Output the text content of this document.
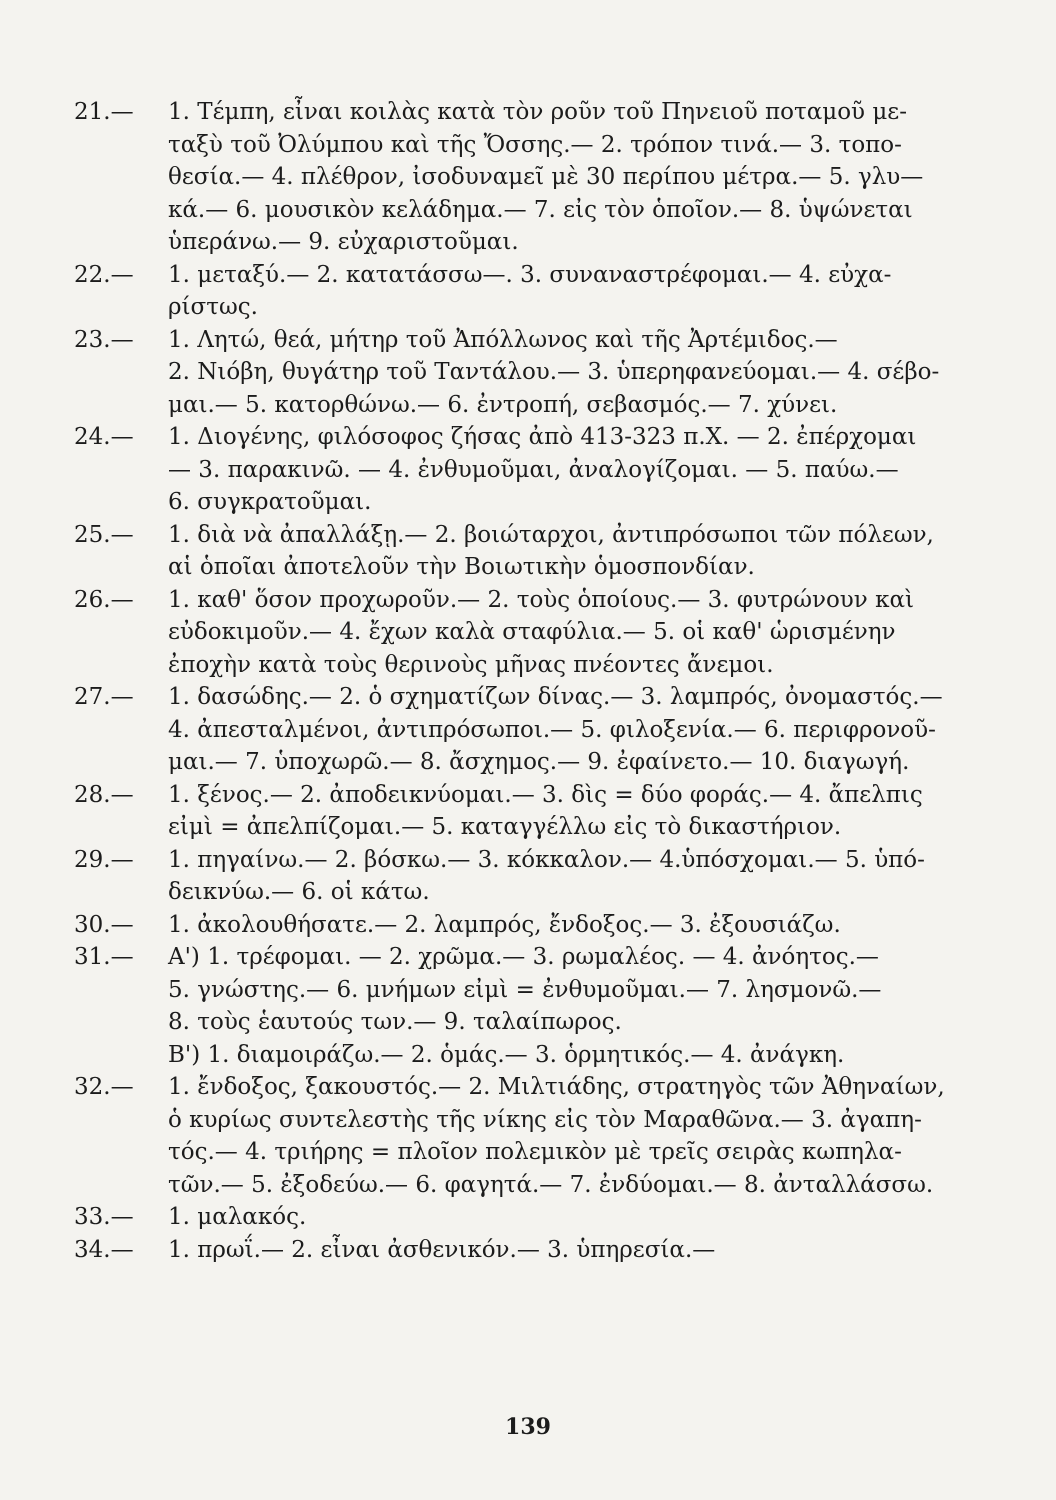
21.—	1. Τέμπη, εἶναι κοιλὰς κατὰ τὸν ροῦν τοῦ Πηνειοῦ ποταμοῦ με-
ταξὺ τοῦ Ὀλύμπου καὶ τῆς Ὄσσης.— 2. τρόπον τινά.— 3. τοπο-
θεσία.— 4. πλέθρον, ἰσοδυναμεῖ μὲ 30 περίπου μέτρα.— 5. γλυ—
κά.— 6. μουσικὸν κελάδημα.— 7. εἰς τὸν ὁποῖον.— 8. ὑψώνεται
ὑπεράνω.— 9. εὐχαριστοῦμαι.
22.—	1. μεταξύ.— 2. κατατάσσω—. 3. συναναστρέφομαι.— 4. εὐχα-
ρίστως.
23.—	1. Λητώ, θεά, μήτηρ τοῦ Ἀπόλλωνος καὶ τῆς Ἀρτέμιδος.—
2. Νιόβη, θυγάτηρ τοῦ Ταντάλου.— 3. ὑπερηφανεύομαι.— 4. σέβο-
μαι.— 5. κατορθώνω.— 6. ἐντροπή, σεβασμός.— 7. χύνει.
24.—	1. Διογένης, φιλόσοφος ζήσας ἀπὸ 413-323 π.Χ. — 2. ἐπέρχομαι
— 3. παρακινῶ. — 4. ἐνθυμοῦμαι, ἀναλογίζομαι. — 5. παύω.—
6. συγκρατοῦμαι.
25.—	1. διὰ νὰ ἀπαλλάξῃ.— 2. βοιώταρχοι, ἀντιπρόσωποι τῶν πόλεων,
αἱ ὁποῖαι ἀποτελοῦν τὴν Βοιωτικὴν ὁμοσπονδίαν.
26.—	1. καθ' ὅσον προχωροῦν.— 2. τοὺς ὁποίους.— 3. φυτρώνουν καὶ
εὐδοκιμοῦν.— 4. ἔχων καλὰ σταφύλια.— 5. οἱ καθ' ὡρισμένην
ἐποχὴν κατὰ τοὺς θερινοὺς μῆνας πνέοντες ἄνεμοι.
27.—	1. δασώδης.— 2. ὁ σχηματίζων δίνας.— 3. λαμπρός, ὀνομαστός.—
4. ἀπεσταλμένοι, ἀντιπρόσωποι.— 5. φιλοξενία.— 6. περιφρονοῦ-
μαι.— 7. ὑποχωρῶ.— 8. ἄσχημος.— 9. ἐφαίνετο.— 10. διαγωγή.
28.—	1. ξένος.— 2. ἀποδεικνύομαι.— 3. δὶς = δύο φοράς.— 4. ἄπελπις
εἰμὶ = ἀπελπίζομαι.— 5. καταγγέλλω εἰς τὸ δικαστήριον.
29.—	1. πηγαίνω.— 2. βόσκω.— 3. κόκκαλον.— 4.ὑπόσχομαι.— 5. ὑπό-
δεικνύω.— 6. οἱ κάτω.
30.—	1. ἀκολουθήσατε.— 2. λαμπρός, ἔνδοξος.— 3. ἐξουσιάζω.
31.—	Α') 1. τρέφομαι. — 2. χρῶμα.— 3. ρωμαλέος. — 4. ἀνόητος.—
5. γνώστης.— 6. μνήμων εἰμὶ = ἐνθυμοῦμαι.— 7. λησμονῶ.—
8. τοὺς ἑαυτούς των.— 9. ταλαίπωρος.
Β') 1. διαμοιράζω.— 2. ὁμάς.— 3. ὁρμητικός.— 4. ἀνάγκη.
32.—	1. ἔνδοξος, ξακουστός.— 2. Μιλτιάδης, στρατηγὸς τῶν Ἀθηναίων,
ὁ κυρίως συντελεστὴς τῆς νίκης εἰς τὸν Μαραθῶνα.— 3. ἀγαπη-
τός.— 4. τριήρης = πλοῖον πολεμικὸν μὲ τρεῖς σειρὰς κωπηλα-
τῶν.— 5. ἐξοδεύω.— 6. φαγητά.— 7. ἐνδύομαι.— 8. ἀνταλλάσσω.
33.—	1. μαλακός.
34.—	1. πρωΐ.— 2. εἶναι ἀσθενικόν.— 3. ὑπηρεσία.—
139
